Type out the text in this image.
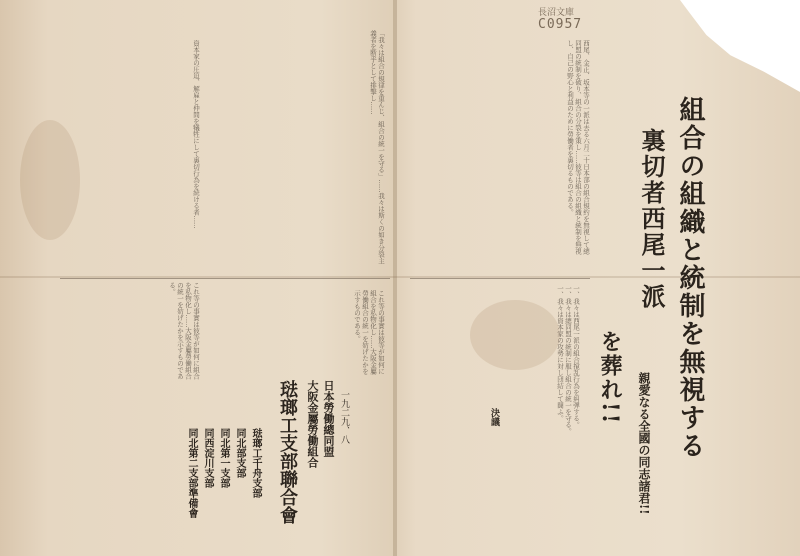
長沼文庫
C0957
組合の組織と統制を無視する
裏切者西尾一派
を葬れ!! 親愛なる全國の同志諸君!!
西尾、金正、坂本等の一派は去る六月二十日本部の組合規約を無視して總同盟の統制を破り、組合の分裂を策し……彼等は組合の組織と統制を無視し、自己の野心と利益のために勞働者を裏切るものである。
一、我々は西尾一派の組合撹乱行為を糾弾する。一、我々は總同盟の統制に服し組合の統一を守る。一、我々は資本家の攻勢に対し団結して闘ふ。
「我々は組合の規律を重んじ、組合の統一を守る」……我々は斯くの如き分裂主義者を断乎として排撃し……
資本家の圧迫、解雇と仲間を犠牲にして裏切行為を続ける者……
これ等の事實は彼等が如何に組合を私物化し……大阪金屬勞働組合の統一を妨げたかを示すものである。
これ等の事實は彼等が如何に組合を私物化し……大阪金屬勞働組合の統一を妨げたかを示すものである。
決議
一九二九、八
日本勞働總同盟
大阪金屬勞働組合
琺瑯工支部聯合會
琺瑯工千舟支部
同北部支部
同北第一支部
同西淀川支部
同北第二支部準備會
